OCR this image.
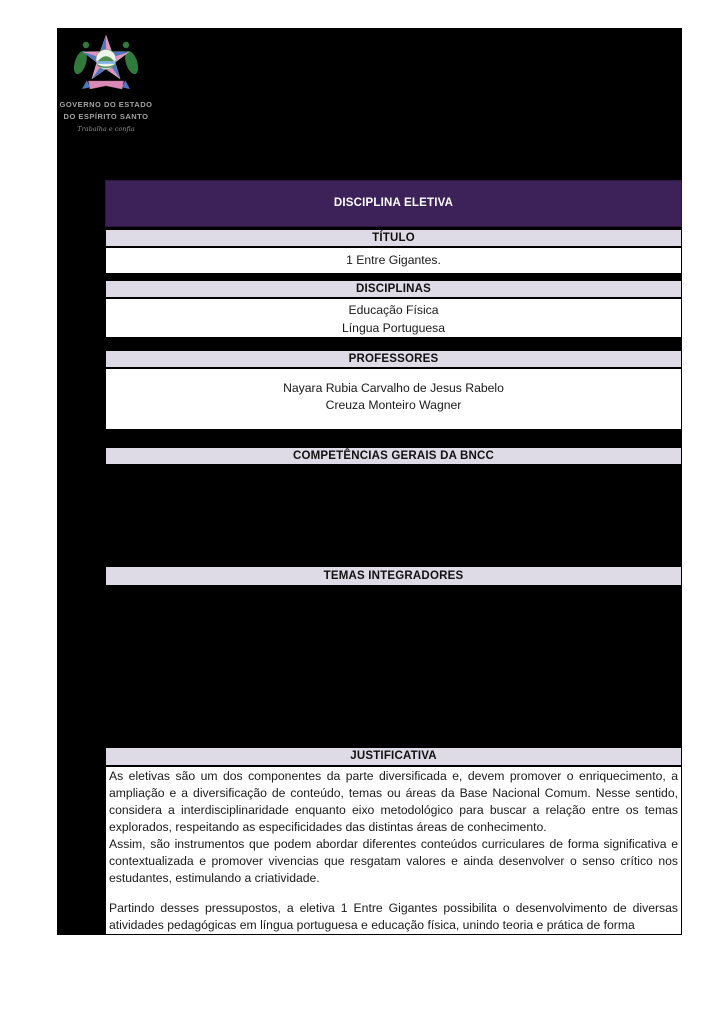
GOVERNO DO ESTADO
DO ESPÍRITO SANTO
Trabalha e confia
DISCIPLINA ELETIVA
TÍTULO
1 Entre Gigantes.
DISCIPLINAS
Educação Física
Língua Portuguesa
PROFESSORES
Nayara Rubia Carvalho de Jesus Rabelo
Creuza Monteiro Wagner
COMPETÊNCIAS GERAIS DA BNCC
TEMAS INTEGRADORES
JUSTIFICATIVA

As eletivas são um dos componentes da parte diversificada e, devem promover o enriquecimento, a ampliação e a diversificação de conteúdo, temas ou áreas da Base Nacional Comum. Nesse sentido, considera a interdisciplinaridade enquanto eixo metodológico para buscar a relação entre os temas explorados, respeitando as especificidades das distintas áreas de conhecimento.

Assim, são instrumentos que podem abordar diferentes conteúdos curriculares de forma significativa e contextualizada e promover vivencias que resgatam valores e ainda desenvolver o senso crítico nos estudantes, estimulando a criatividade.

Partindo desses pressupostos, a eletiva 1 Entre Gigantes possibilita o desenvolvimento de diversas atividades pedagógicas em língua portuguesa e educação física, unindo teoria e prática de forma
